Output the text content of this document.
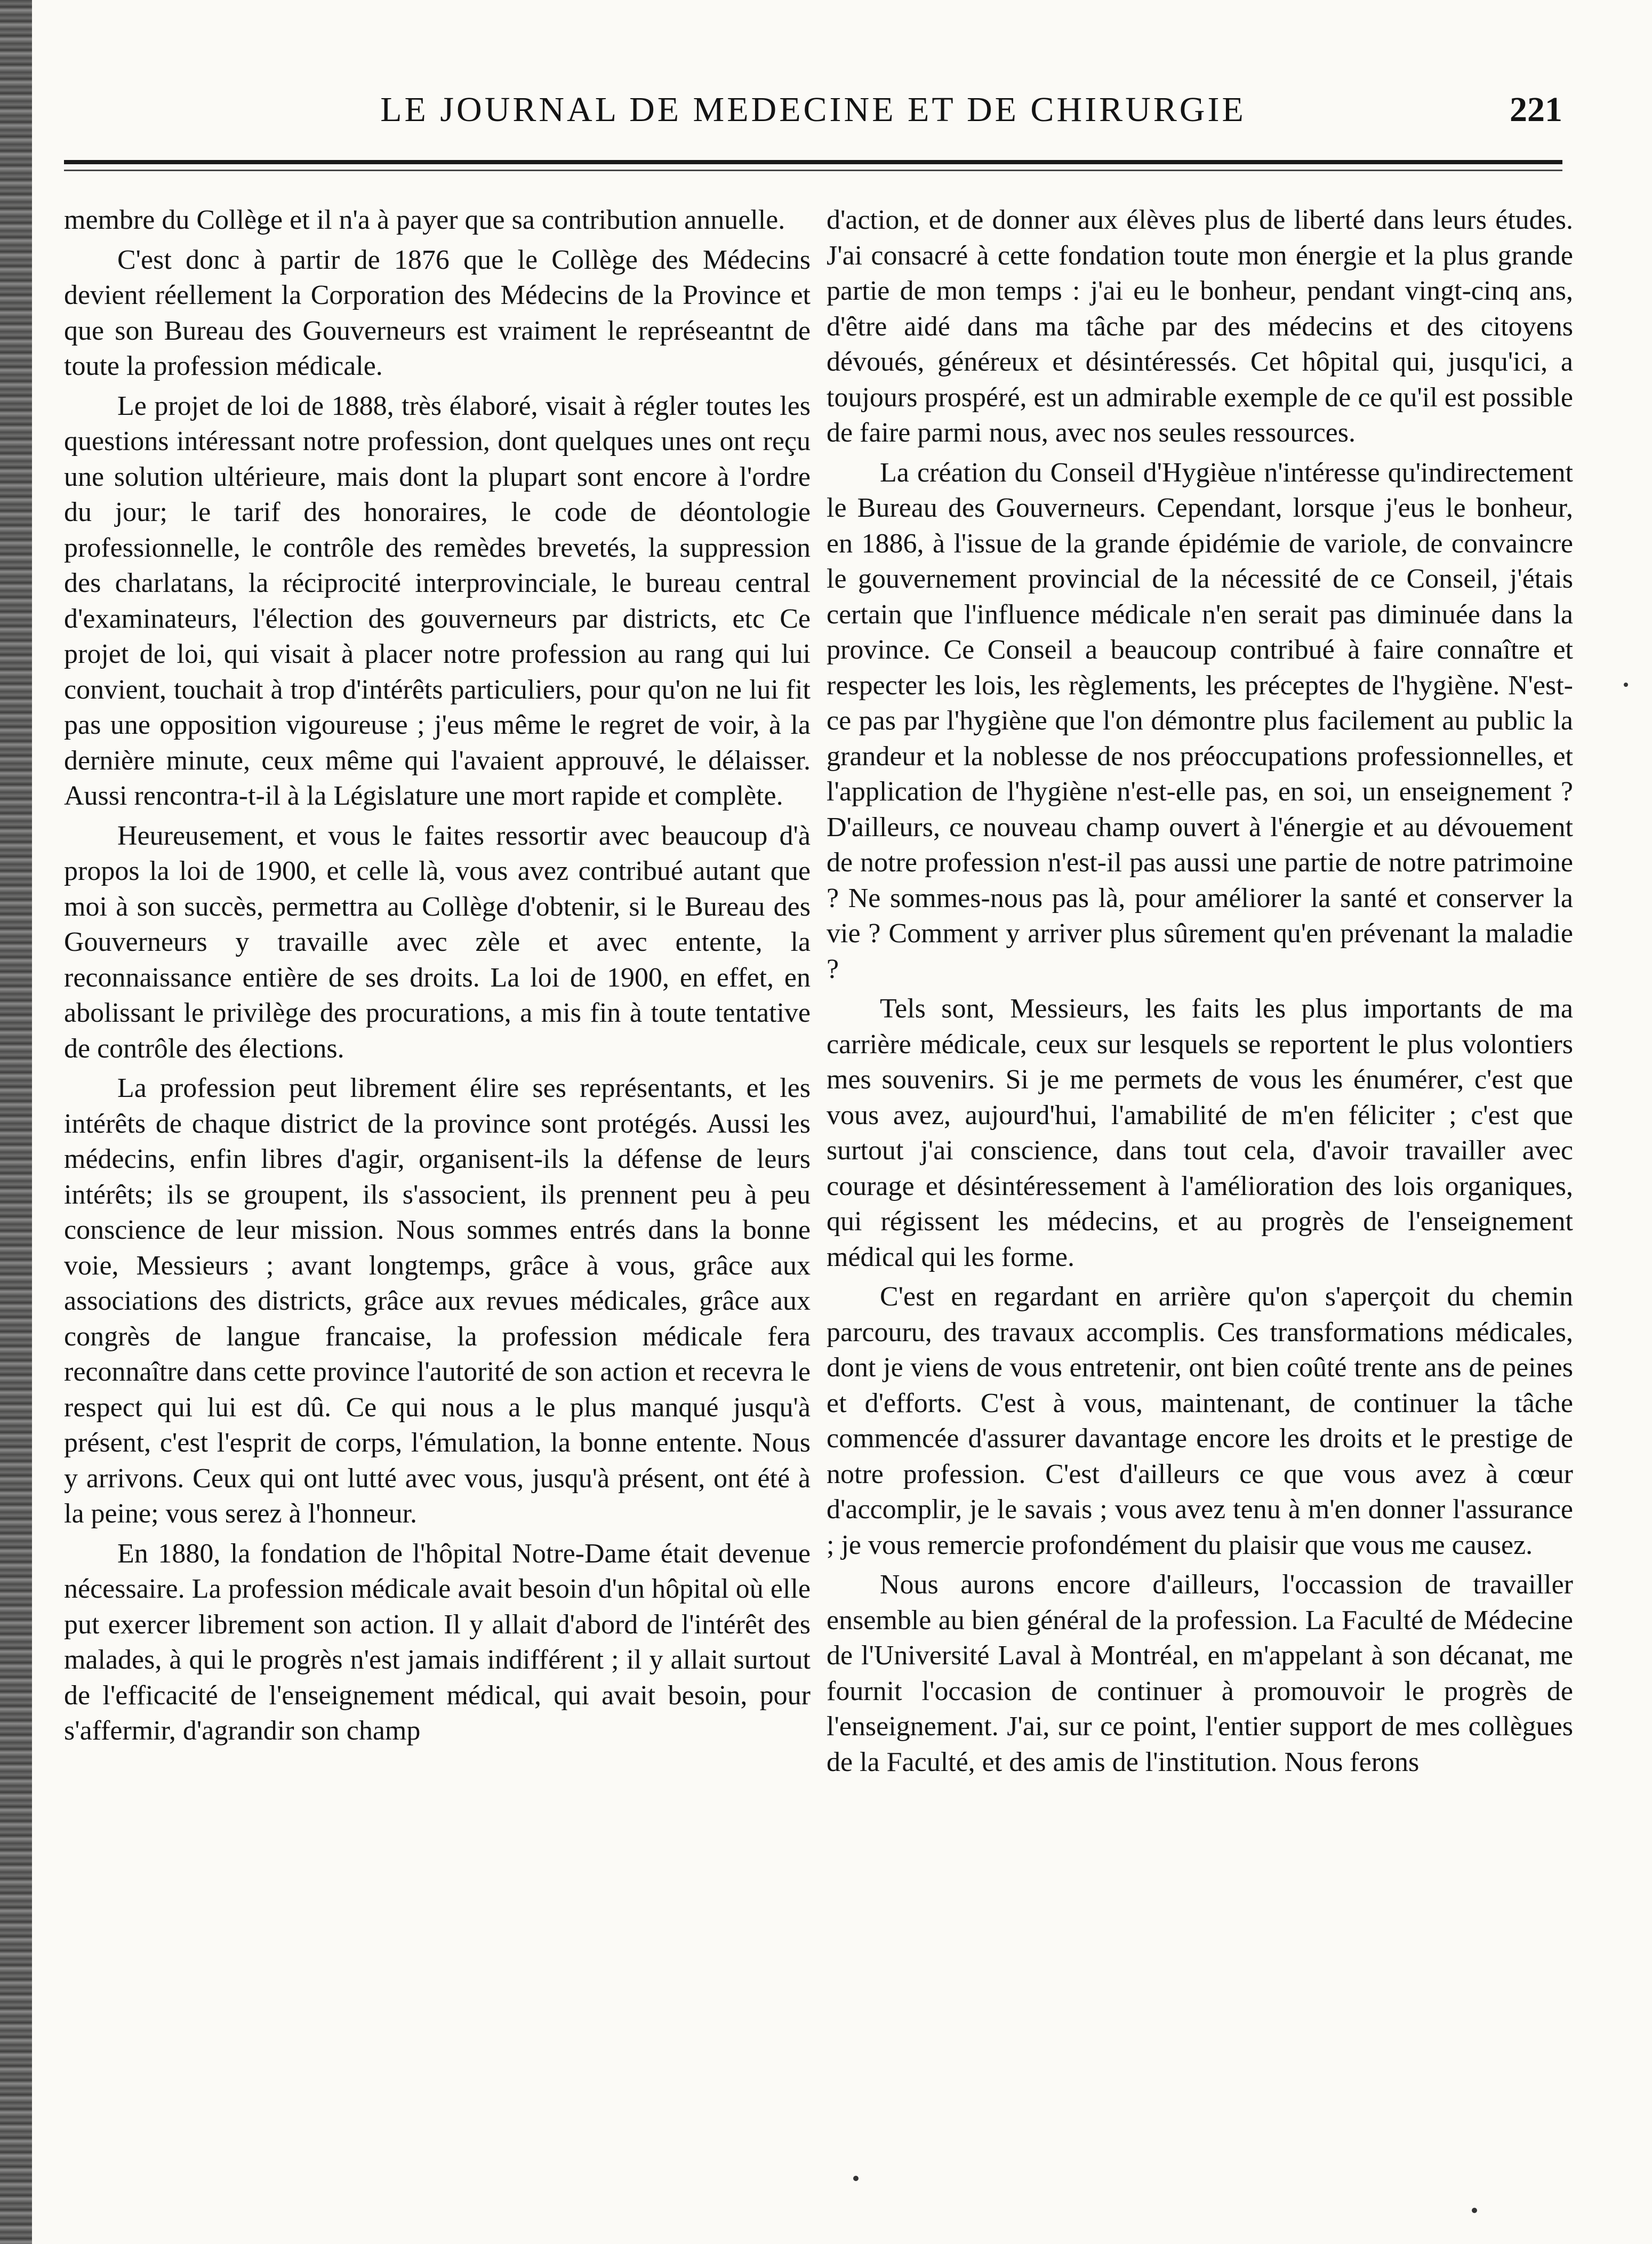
LE JOURNAL DE MEDECINE ET DE CHIRURGIE	221

membre du Collège et il n'a à payer que sa contribution annuelle.

C'est donc à partir de 1876 que le Collège des Médecins devient réellement la Corporation des Médecins de la Province et que son Bureau des Gouverneurs est vraiment le représeantnt de toute la profession médicale.

Le projet de loi de 1888, très élaboré, visait à régler toutes les questions intéressant notre profession, dont quelques unes ont reçu une solution ultérieure, mais dont la plupart sont encore à l'ordre du jour; le tarif des honoraires, le code de déontologie professionnelle, le contrôle des remèdes brevetés, la suppression des charlatans, la réciprocité interprovinciale, le bureau central d'examinateurs, l'élection des gouverneurs par districts, etc Ce projet de loi, qui visait à placer notre profession au rang qui lui convient, touchait à trop d'intérêts particuliers, pour qu'on ne lui fit pas une opposition vigoureuse ; j'eus même le regret de voir, à la dernière minute, ceux même qui l'avaient approuvé, le délaisser. Aussi rencontra-t-il à la Législature une mort rapide et complète.

Heureusement, et vous le faites ressortir avec beaucoup d'à propos la loi de 1900, et celle là, vous avez contribué autant que moi à son succès, permettra au Collège d'obtenir, si le Bureau des Gouverneurs y travaille avec zèle et avec entente, la reconnaissance entière de ses droits. La loi de 1900, en effet, en abolissant le privilège des procurations, a mis fin à toute tentative de contrôle des élections.

La profession peut librement élire ses représentants, et les intérêts de chaque district de la province sont protégés. Aussi les médecins, enfin libres d'agir, organisent-ils la défense de leurs intérêts; ils se groupent, ils s'associent, ils prennent peu à peu conscience de leur mission. Nous sommes entrés dans la bonne voie, Messieurs ; avant longtemps, grâce à vous, grâce aux associations des districts, grâce aux revues médicales, grâce aux congrès de langue francaise, la profession médicale fera reconnaître dans cette province l'autorité de son action et recevra le respect qui lui est dû. Ce qui nous a le plus manqué jusqu'à présent, c'est l'esprit de corps, l'émulation, la bonne entente. Nous y arrivons. Ceux qui ont lutté avec vous, jusqu'à présent, ont été à la peine; vous serez à l'honneur.

En 1880, la fondation de l'hôpital Notre-Dame était devenue nécessaire. La profession médicale avait besoin d'un hôpital où elle put exercer librement son action. Il y allait d'abord de l'intérêt des malades, à qui le progrès n'est jamais indifférent ; il y allait surtout de l'efficacité de l'enseignement médical, qui avait besoin, pour s'affermir, d'agrandir son champ

d'action, et de donner aux élèves plus de liberté dans leurs études. J'ai consacré à cette fondation toute mon énergie et la plus grande partie de mon temps : j'ai eu le bonheur, pendant vingt-cinq ans, d'être aidé dans ma tâche par des médecins et des citoyens dévoués, généreux et désintéressés. Cet hôpital qui, jusqu'ici, a toujours prospéré, est un admirable exemple de ce qu'il est possible de faire parmi nous, avec nos seules ressources.

La création du Conseil d'Hygièue n'intéresse qu'indirectement le Bureau des Gouverneurs. Cependant, lorsque j'eus le bonheur, en 1886, à l'issue de la grande épidémie de variole, de convaincre le gouvernement provincial de la nécessité de ce Conseil, j'étais certain que l'influence médicale n'en serait pas diminuée dans la province. Ce Conseil a beaucoup contribué à faire connaître et respecter les lois, les règlements, les préceptes de l'hygiène. N'est-ce pas par l'hygiène que l'on démontre plus facilement au public la grandeur et la noblesse de nos préoccupations professionnelles, et l'application de l'hygiène n'est-elle pas, en soi, un enseignement ? D'ailleurs, ce nouveau champ ouvert à l'énergie et au dévouement de notre profession n'est-il pas aussi une partie de notre patrimoine ? Ne sommes-nous pas là, pour améliorer la santé et conserver la vie ? Comment y arriver plus sûrement qu'en prévenant la maladie ?

Tels sont, Messieurs, les faits les plus importants de ma carrière médicale, ceux sur lesquels se reportent le plus volontiers mes souvenirs. Si je me permets de vous les énumérer, c'est que vous avez, aujourd'hui, l'amabilité de m'en féliciter ; c'est que surtout j'ai conscience, dans tout cela, d'avoir travailler avec courage et désintéressement à l'amélioration des lois organiques, qui régissent les médecins, et au progrès de l'enseignement médical qui les forme.

C'est en regardant en arrière qu'on s'aperçoit du chemin parcouru, des travaux accomplis. Ces transformations médicales, dont je viens de vous entretenir, ont bien coûté trente ans de peines et d'efforts. C'est à vous, maintenant, de continuer la tâche commencée d'assurer davantage encore les droits et le prestige de notre profession. C'est d'ailleurs ce que vous avez à cœur d'accomplir, je le savais ; vous avez tenu à m'en donner l'assurance ; je vous remercie profondément du plaisir que vous me causez.

Nous aurons encore d'ailleurs, l'occassion de travailler ensemble au bien général de la profession. La Faculté de Médecine de l'Université Laval à Montréal, en m'appelant à son décanat, me fournit l'occasion de continuer à promouvoir le progrès de l'enseignement. J'ai, sur ce point, l'entier support de mes collègues de la Faculté, et des amis de l'institution. Nous ferons
